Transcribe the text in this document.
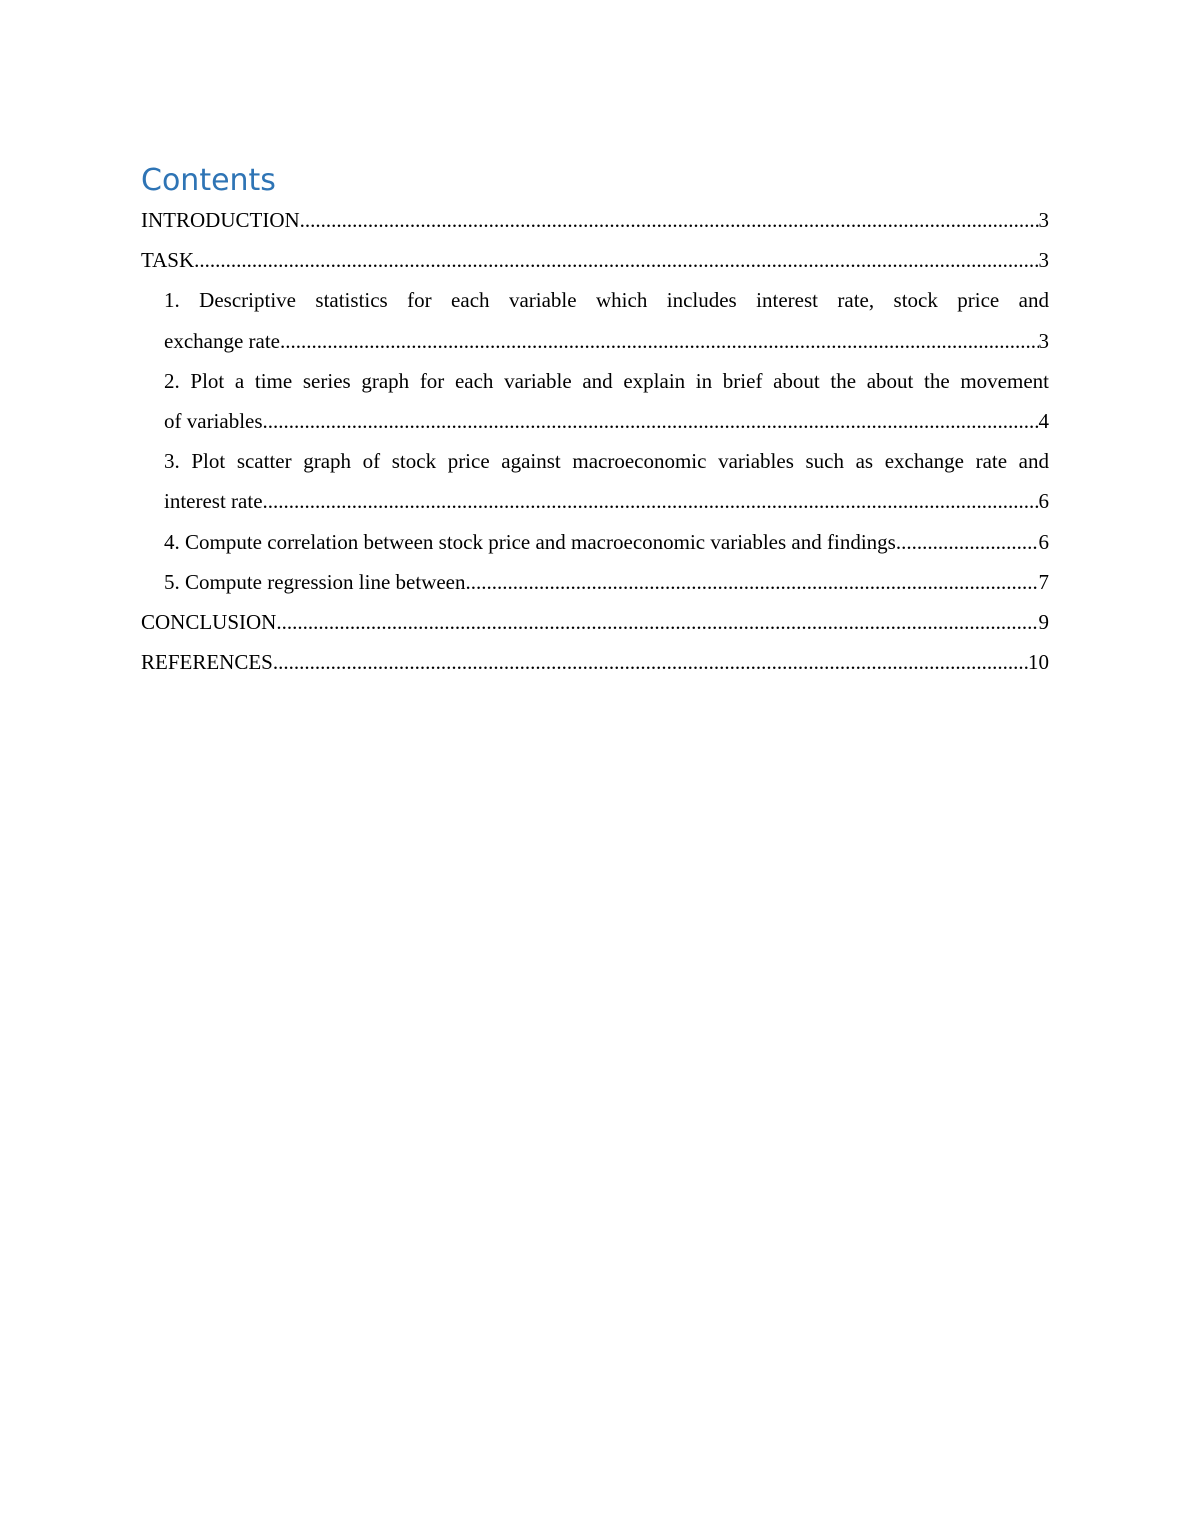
Contents
INTRODUCTION .....	3
TASK .....	3
1. Descriptive statistics for each variable which includes interest rate, stock price and
exchange rate .....	3
2. Plot a time series graph for each variable and explain in brief about the about the movement
of variables .....	4
3. Plot scatter graph of stock price against macroeconomic variables such as exchange rate and
interest rate .....	6
4. Compute correlation between stock price and macroeconomic variables and findings .....	6
5. Compute regression line between .....	7
CONCLUSION .....	9
REFERENCES .....	10
